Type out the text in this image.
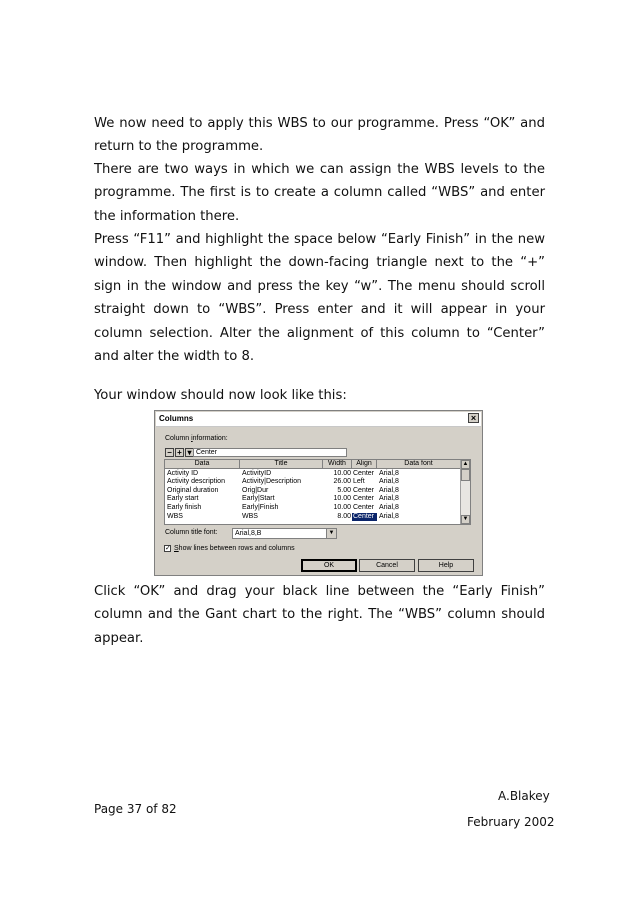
We now need to apply this WBS to our programme. Press “OK” and return to the programme.

There are two ways in which we can assign the WBS levels to the programme. The first is to create a column called “WBS” and enter the information there.

Press “F11” and highlight the space below “Early Finish” in the new window. Then highlight the down-facing triangle next to the “+” sign in the window and press the key “w”. The menu should scroll straight down to “WBS”. Press enter and it will appear in your column selection. Alter the alignment of this column to “Center” and alter the width to 8.

Your window should now look like this:

Columns	×
Column information:
− + ▾ Center
Data	Title	Width	Align	Data font
Activity ID	ActivityID	10.00 Center Arial,8
Activity description Activity|Description	26.00 Left Arial,8
Original duration	Orig|Dur	5.00 Center Arial,8
Early start	Early|Start	10.00 Center Arial,8
Early finish	Early|Finish	10.00 Center Arial,8
WBS	WBS	8.00 Center Arial,8
▲
▼
Column title font:	Arial,8,B	▼
✓ Show lines between rows and columns
OK	Cancel	Help

Click “OK” and drag your black line between the “Early Finish” column and the Gant chart to the right. The “WBS” column should appear.

A.Blakey
Page 37 of 82
February 2002
